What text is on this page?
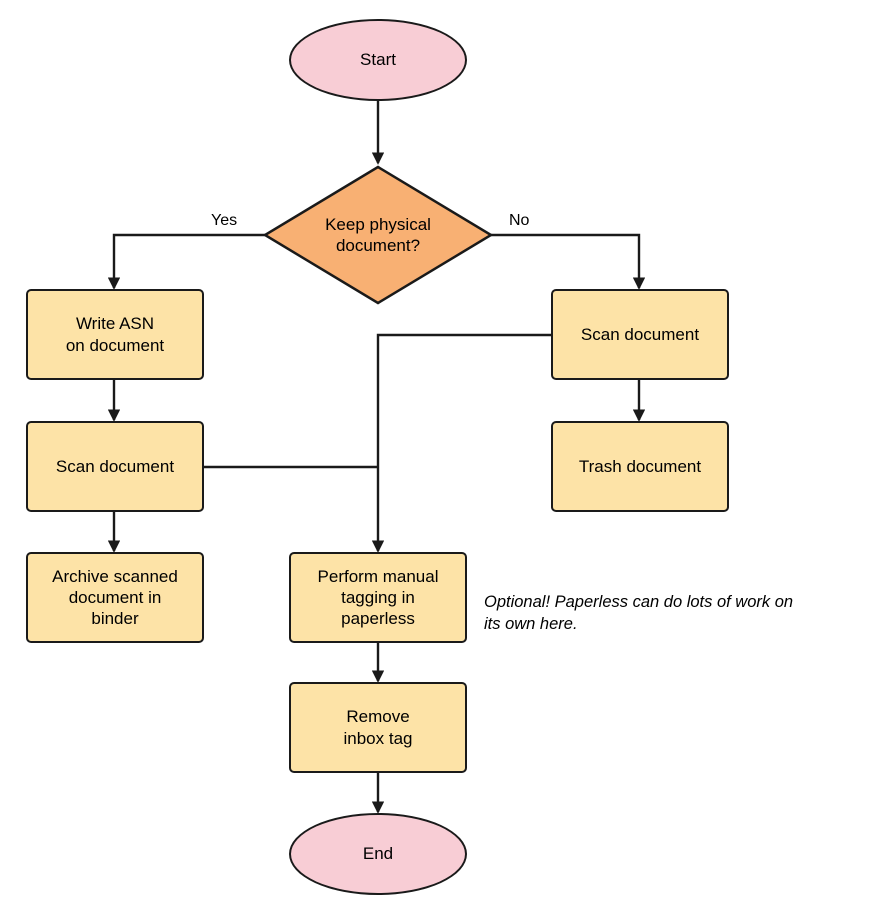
Start
Keep physical
document?
Yes	No
Write ASN
on document
Scan document
Archive scanned
document in
binder
Scan document
Trash document
Perform manual
tagging in
paperless
Remove
inbox tag
End
Optional! Paperless can do lots of work on
its own here.
